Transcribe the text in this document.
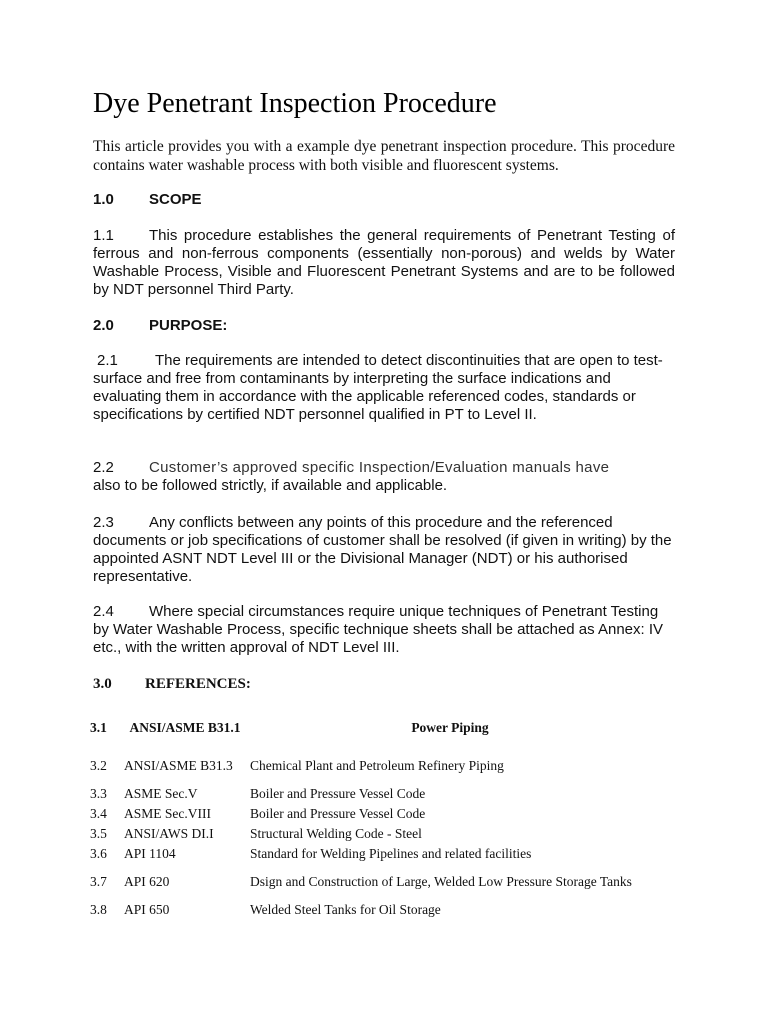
Dye Penetrant Inspection Procedure

This article provides you with a example dye penetrant inspection procedure. This procedure contains water washable process with both visible and fluorescent systems.

1.0 SCOPE

1.1 This procedure establishes the general requirements of Penetrant Testing of ferrous and non-ferrous components (essentially non-porous) and welds by Water Washable Process, Visible and Fluorescent Penetrant Systems and are to be followed by NDT personnel Third Party.

2.0 PURPOSE:

2.1 The requirements are intended to detect discontinuities that are open to test-surface and free from contaminants by interpreting the surface indications and evaluating them in accordance with the applicable referenced codes, standards or specifications by certified NDT personnel qualified in PT to Level II.

2.2 Customer’s approved specific Inspection/Evaluation manuals have
also to be followed strictly, if available and applicable.

2.3 Any conflicts between any points of this procedure and the referenced documents or job specifications of customer shall be resolved (if given in writing) by the appointed ASNT NDT Level III or the Divisional Manager (NDT) or his authorised representative.

2.4 Where special circumstances require unique techniques of Penetrant Testing by Water Washable Process, specific technique sheets shall be attached as Annex: IV etc., with the written approval of NDT Level III.

3.0 REFERENCES:
3.1	ANSI/ASME B31.1	Power Piping
3.2	ANSI/ASME B31.3	Chemical Plant and Petroleum Refinery Piping
3.3	ASME Sec.V	Boiler and Pressure Vessel Code
3.4	ASME Sec.VIII	Boiler and Pressure Vessel Code
3.5	ANSI/AWS DI.I	Structural Welding Code - Steel
3.6	API 1104	Standard for Welding Pipelines and related facilities
3.7	API 620	Dsign and Construction of Large, Welded Low Pressure Storage Tanks
3.8	API 650	Welded Steel Tanks for Oil Storage
